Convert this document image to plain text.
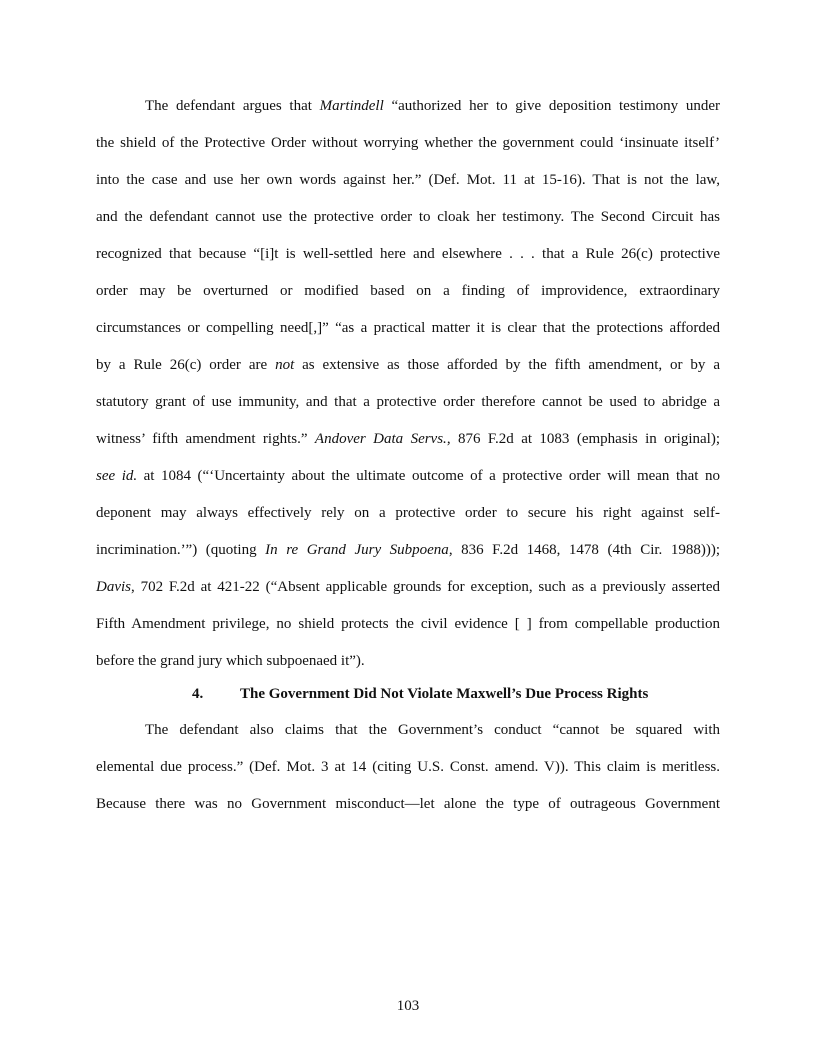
The defendant argues that Martindell “authorized her to give deposition testimony under
the shield of the Protective Order without worrying whether the government could ‘insinuate itself’
into the case and use her own words against her.” (Def. Mot. 11 at 15-16). That is not the law,
and the defendant cannot use the protective order to cloak her testimony. The Second Circuit has
recognized that because “[i]t is well-settled here and elsewhere . . . that a Rule 26(c) protective
order may be overturned or modified based on a finding of improvidence, extraordinary
circumstances or compelling need[,]” “as a practical matter it is clear that the protections afforded
by a Rule 26(c) order are not as extensive as those afforded by the fifth amendment, or by a
statutory grant of use immunity, and that a protective order therefore cannot be used to abridge a
witness’ fifth amendment rights.” Andover Data Servs., 876 F.2d at 1083 (emphasis in original);
see id. at 1084 (“‘Uncertainty about the ultimate outcome of a protective order will mean that no
deponent may always effectively rely on a protective order to secure his right against self-
incrimination.’”) (quoting In re Grand Jury Subpoena, 836 F.2d 1468, 1478 (4th Cir. 1988)));
Davis, 702 F.2d at 421-22 (“Absent applicable grounds for exception, such as a previously asserted
Fifth Amendment privilege, no shield protects the civil evidence [ ] from compellable production
before the grand jury which subpoenaed it”).
4. The Government Did Not Violate Maxwell’s Due Process Rights
The defendant also claims that the Government’s conduct “cannot be squared with
elemental due process.” (Def. Mot. 3 at 14 (citing U.S. Const. amend. V)). This claim is meritless.
Because there was no Government misconduct—let alone the type of outrageous Government
103
